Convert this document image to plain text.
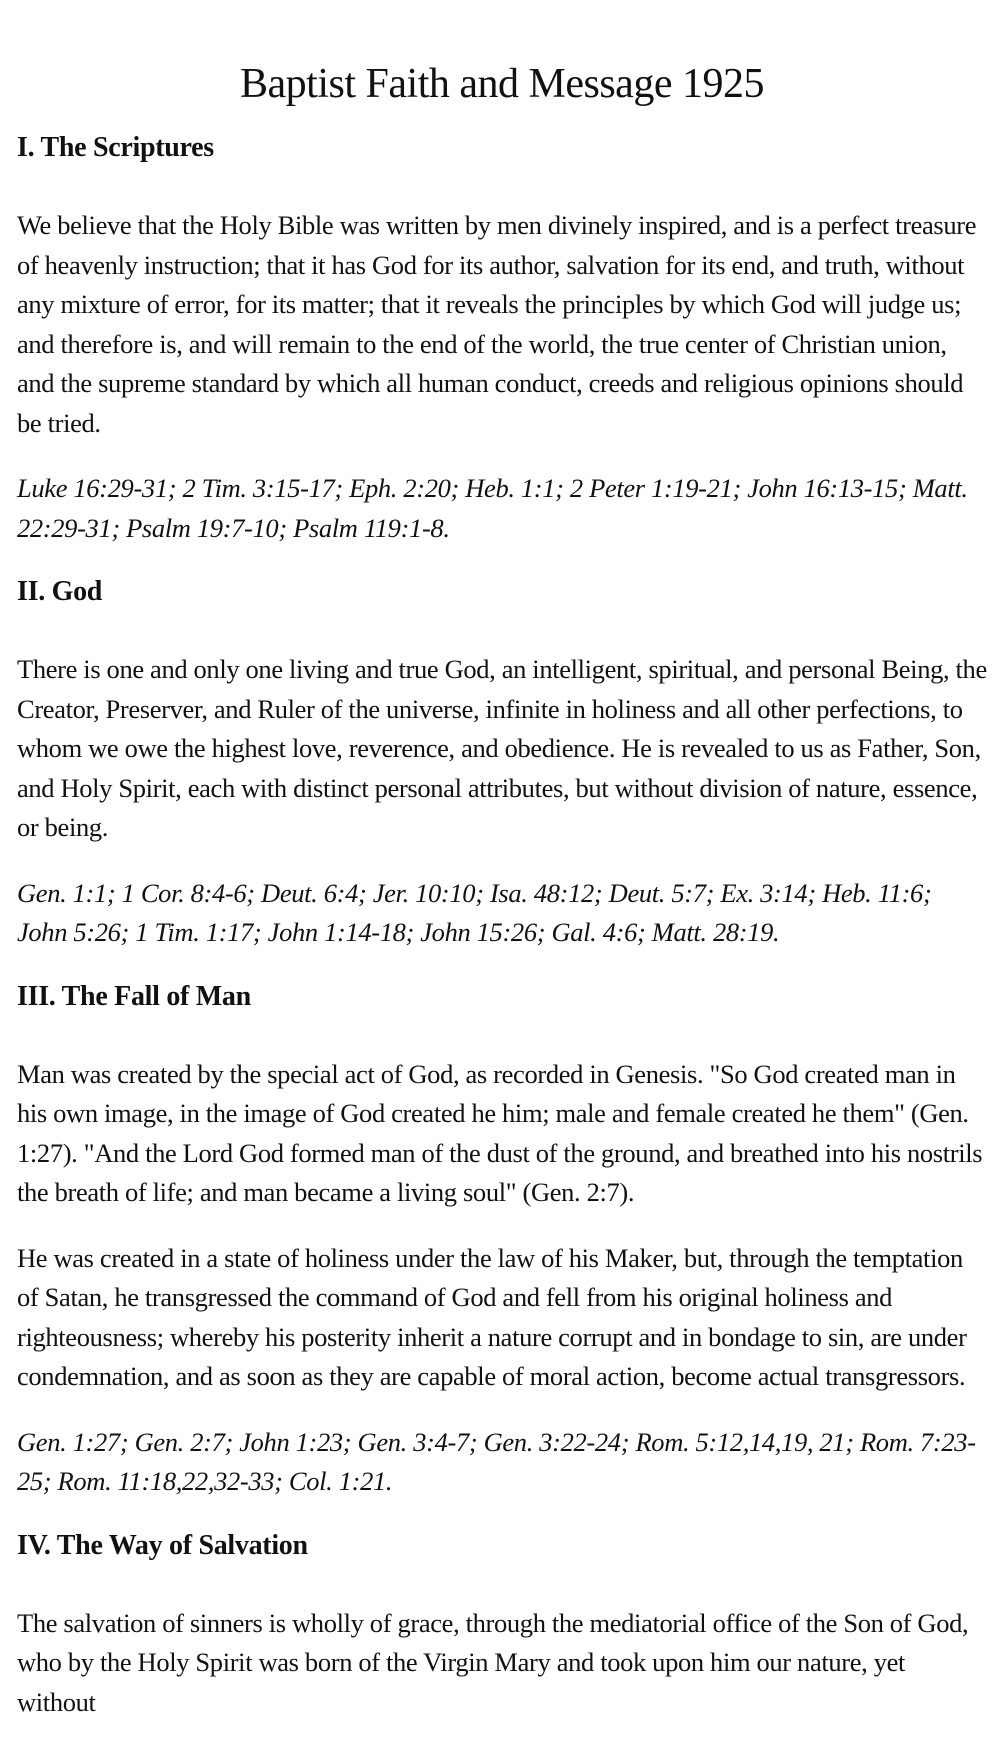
Baptist Faith and Message 1925
I. The Scriptures

We believe that the Holy Bible was written by men divinely inspired, and is a perfect treasure of heavenly instruction; that it has God for its author, salvation for its end, and truth, without any mixture of error, for its matter; that it reveals the principles by which God will judge us; and therefore is, and will remain to the end of the world, the true center of Christian union, and the supreme standard by which all human conduct, creeds and religious opinions should be tried.

Luke 16:29-31; 2 Tim. 3:15-17; Eph. 2:20; Heb. 1:1; 2 Peter 1:19-21; John 16:13-15; Matt. 22:29-31; Psalm 19:7-10; Psalm 119:1-8.

II. God

There is one and only one living and true God, an intelligent, spiritual, and personal Being, the Creator, Preserver, and Ruler of the universe, infinite in holiness and all other perfections, to whom we owe the highest love, reverence, and obedience. He is revealed to us as Father, Son, and Holy Spirit, each with distinct personal attributes, but without division of nature, essence, or being.

Gen. 1:1; 1 Cor. 8:4-6; Deut. 6:4; Jer. 10:10; Isa. 48:12; Deut. 5:7; Ex. 3:14; Heb. 11:6; John 5:26; 1 Tim. 1:17; John 1:14-18; John 15:26; Gal. 4:6; Matt. 28:19.

III. The Fall of Man

Man was created by the special act of God, as recorded in Genesis. "So God created man in his own image, in the image of God created he him; male and female created he them" (Gen. 1:27). "And the Lord God formed man of the dust of the ground, and breathed into his nostrils the breath of life; and man became a living soul" (Gen. 2:7).

He was created in a state of holiness under the law of his Maker, but, through the temptation of Satan, he transgressed the command of God and fell from his original holiness and righteousness; whereby his posterity inherit a nature corrupt and in bondage to sin, are under condemnation, and as soon as they are capable of moral action, become actual transgressors.

Gen. 1:27; Gen. 2:7; John 1:23; Gen. 3:4-7; Gen. 3:22-24; Rom. 5:12,14,19, 21; Rom. 7:23-25; Rom. 11:18,22,32-33; Col. 1:21.

IV. The Way of Salvation

The salvation of sinners is wholly of grace, through the mediatorial office of the Son of God, who by the Holy Spirit was born of the Virgin Mary and took upon him our nature, yet without
